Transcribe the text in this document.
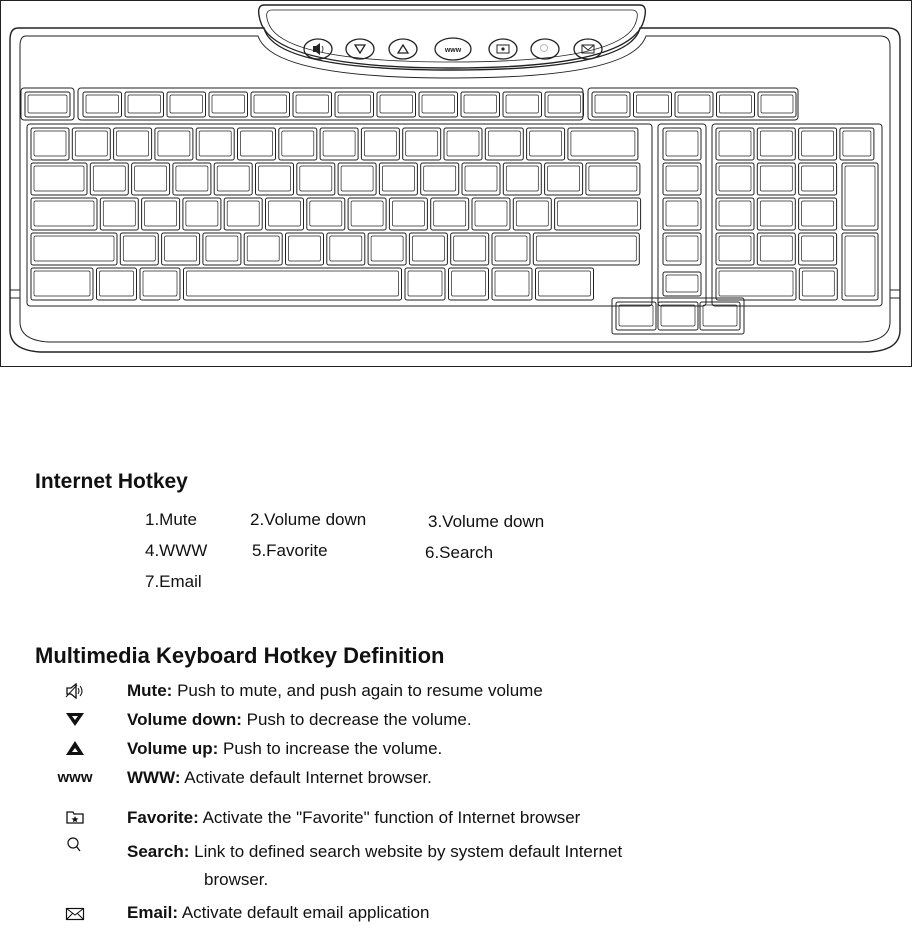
www
Internet Hotkey
1.Mute	2.Volume down	3.Volume down
4.WWW	5.Favorite	6.Search
7.Email
Multimedia Keyboard Hotkey Definition
www
Mute: Push to mute, and push again to resume volume
Volume down: Push to decrease the volume.
Volume up: Push to increase the volume.
WWW: Activate default Internet browser.
Favorite: Activate the "Favorite" function of Internet browser
Search: Link to defined search website by system default Internet
browser.
Email: Activate default email application
